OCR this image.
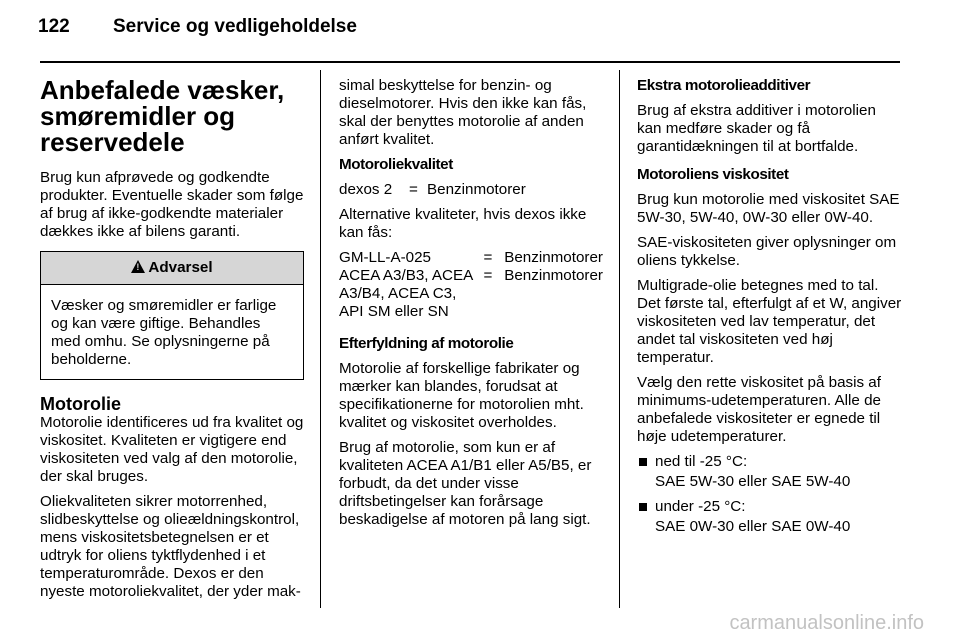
122 Service og vedligeholdelse
Anbefalede væsker, smøremidler og reservedele

Brug kun afprøvede og godkendte produkter. Eventuelle skader som følge af brug af ikke-godkendte materialer dækkes ikke af bilens garanti.

!Advarsel
Væsker og smøremidler er farlige og kan være giftige. Behandles med omhu. Se oplysningerne på beholderne.
Motorolie

Motorolie identificeres ud fra kvalitet og viskositet. Kvaliteten er vigtigere end viskositeten ved valg af den motorolie, der skal bruges.

Oliekvaliteten sikrer motorrenhed, slidbeskyttelse og olieældningskontrol, mens viskositetsbetegnelsen er et udtryk for oliens tyktflydenhed i et temperaturområde. Dexos er den nyeste motoroliekvalitet, der yder mak-

simal beskyttelse for benzin- og dieselmotorer. Hvis den ikke kan fås, skal der benyttes motorolie af anden anført kvalitet.

Motoroliekvalitet

dexos 2	=	Benzinmotorer

Alternative kvaliteter, hvis dexos ikke kan fås:

GM-LL-A-025	=	Benzinmotorer
ACEA A3/B3, ACEA A3/B4, ACEA C3, API SM eller SN	=	Benzinmotorer

Efterfyldning af motorolie

Motorolie af forskellige fabrikater og mærker kan blandes, forudsat at specifikationerne for motorolien mht. kvalitet og viskositet overholdes.

Brug af motorolie, som kun er af kvaliteten ACEA A1/B1 eller A5/B5, er forbudt, da det under visse driftsbetingelser kan forårsage beskadigelse af motoren på lang sigt.

Ekstra motorolieadditiver

Brug af ekstra additiver i motorolien kan medføre skader og få garantidækningen til at bortfalde.

Motoroliens viskositet

Brug kun motorolie med viskositet SAE 5W-30, 5W-40, 0W-30 eller 0W-40.

SAE-viskositeten giver oplysninger om oliens tykkelse.

Multigrade-olie betegnes med to tal. Det første tal, efterfulgt af et W, angiver viskositeten ved lav temperatur, det andet tal viskositeten ved høj temperatur.

Vælg den rette viskositet på basis af minimums-udetemperaturen. Alle de anbefalede viskositeter er egnede til høje udetemperaturer.

ned til -25 °C:

SAE 5W-30 eller SAE 5W-40

under -25 °C:

SAE 0W-30 eller SAE 0W-40

carmanualsonline.info
